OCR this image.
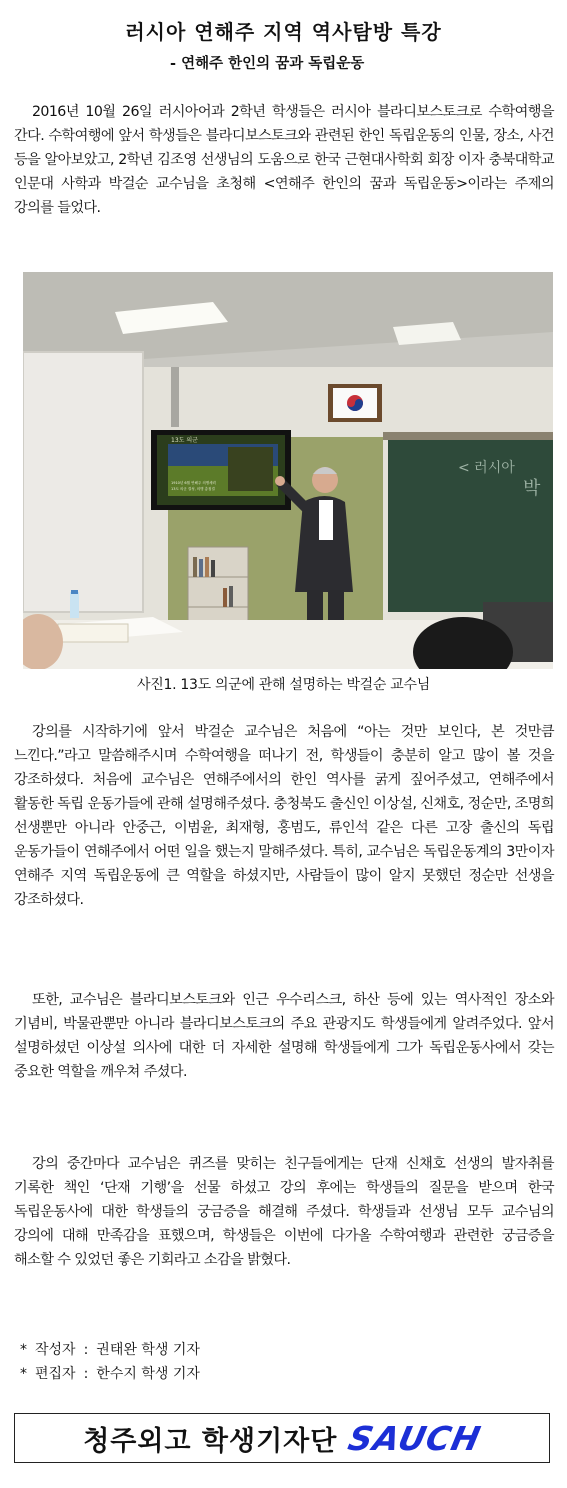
러시아 연해주 지역 역사탐방 특강
- 연해주 한인의 꿈과 독립운동

2016년 10월 26일 러시아어과 2학년 학생들은 러시아 블라디보스토크로 수학여행을 간다. 수학여행에 앞서 학생들은 블라디보스토크와 관련된 한인 독립운동의 인물, 장소, 사건 등을 알아보았고, 2학년 김조영 선생님의 도움으로 한국 근현대사학회 회장 이자 충북대학교 인문대 사학과 박걸순 교수님을 초청해 <연해주 한인의 꿈과 독립운동>이라는 주제의 강의를 들었다.

< 러시아
박
13도 의군
1910년 6월 연해주 의병세력
13도 의군 결성, 의병 총집결
사진1. 13도 의군에 관해 설명하는 박걸순 교수님

강의를 시작하기에 앞서 박걸순 교수님은 처음에 “아는 것만 보인다, 본 것만큼 느낀다.”라고 말씀해주시며 수학여행을 떠나기 전, 학생들이 충분히 알고 많이 볼 것을 강조하셨다. 처음에 교수님은 연해주에서의 한인 역사를 굵게 짚어주셨고, 연해주에서 활동한 독립 운동가들에 관해 설명해주셨다. 충청북도 출신인 이상설, 신채호, 정순만, 조명희 선생뿐만 아니라 안중근, 이범윤, 최재형, 홍범도, 류인석 같은 다른 고장 출신의 독립 운동가들이 연해주에서 어떤 일을 했는지 말해주셨다. 특히, 교수님은 독립운동계의 3만이자 연해주 지역 독립운동에 큰 역할을 하셨지만, 사람들이 많이 알지 못했던 정순만 선생을 강조하셨다.

또한, 교수님은 블라디보스토크와 인근 우수리스크, 하산 등에 있는 역사적인 장소와 기념비, 박물관뿐만 아니라 블라디보스토크의 주요 관광지도 학생들에게 알려주었다. 앞서 설명하셨던 이상설 의사에 대한 더 자세한 설명해 학생들에게 그가 독립운동사에서 갖는 중요한 역할을 깨우쳐 주셨다.

강의 중간마다 교수님은 퀴즈를 맞히는 친구들에게는 단재 신채호 선생의 발자취를 기록한 책인 ‘단재 기행’을 선물 하셨고 강의 후에는 학생들의 질문을 받으며 한국 독립운동사에 대한 학생들의 궁금증을 해결해 주셨다. 학생들과 선생님 모두 교수님의 강의에 대해 만족감을 표했으며, 학생들은 이번에 다가올 수학여행과 관련한 궁금증을 해소할 수 있었던 좋은 기회라고 소감을 밝혔다.

* 작성자 : 권태완 학생 기자
* 편집자 : 한수지 학생 기자
청주외고 학생기자단 SAUCH
